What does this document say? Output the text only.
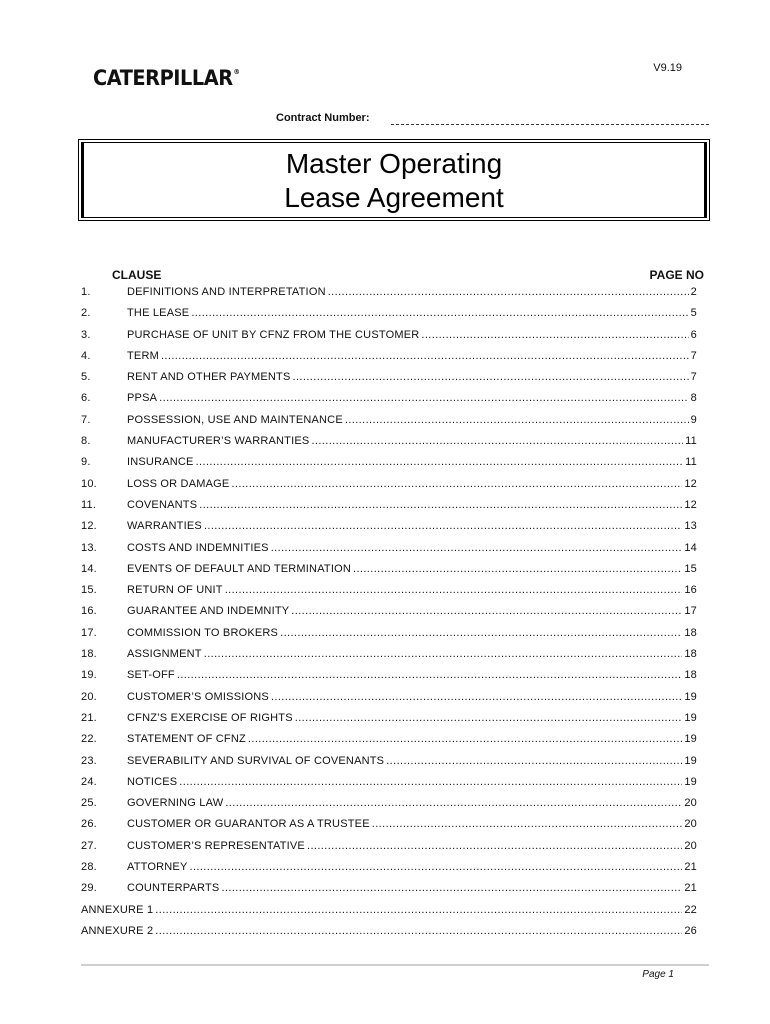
V9.19
CATERPILLAR®
Contract Number:
Master Operating
Lease Agreement
CLAUSE	PAGE NO
1.	DEFINITIONS AND INTERPRETATION .....	2
2.	THE LEASE .....	5
3.	PURCHASE OF UNIT BY CFNZ FROM THE CUSTOMER .....	6
4.	TERM .....	7
5.	RENT AND OTHER PAYMENTS .....	7
6.	PPSA .....	8
7.	POSSESSION, USE AND MAINTENANCE .....	9
8.	MANUFACTURER’S WARRANTIES .....	11
9.	INSURANCE .....	11
10.	LOSS OR DAMAGE .....	12
11.	COVENANTS .....	12
12.	WARRANTIES .....	13
13.	COSTS AND INDEMNITIES .....	14
14.	EVENTS OF DEFAULT AND TERMINATION .....	15
15.	RETURN OF UNIT .....	16
16.	GUARANTEE AND INDEMNITY .....	17
17.	COMMISSION TO BROKERS .....	18
18.	ASSIGNMENT .....	18
19.	SET-OFF .....	18
20.	CUSTOMER’S OMISSIONS .....	19
21.	CFNZ’S EXERCISE OF RIGHTS .....	19
22.	STATEMENT OF CFNZ .....	19
23.	SEVERABILITY AND SURVIVAL OF COVENANTS .....	19
24.	NOTICES .....	19
25.	GOVERNING LAW .....	20
26.	CUSTOMER OR GUARANTOR AS A TRUSTEE .....	20
27.	CUSTOMER’S REPRESENTATIVE .....	20
28.	ATTORNEY .....	21
29.	COUNTERPARTS .....	21
ANNEXURE 1 .....	22
ANNEXURE 2 .....	26
Page 1
